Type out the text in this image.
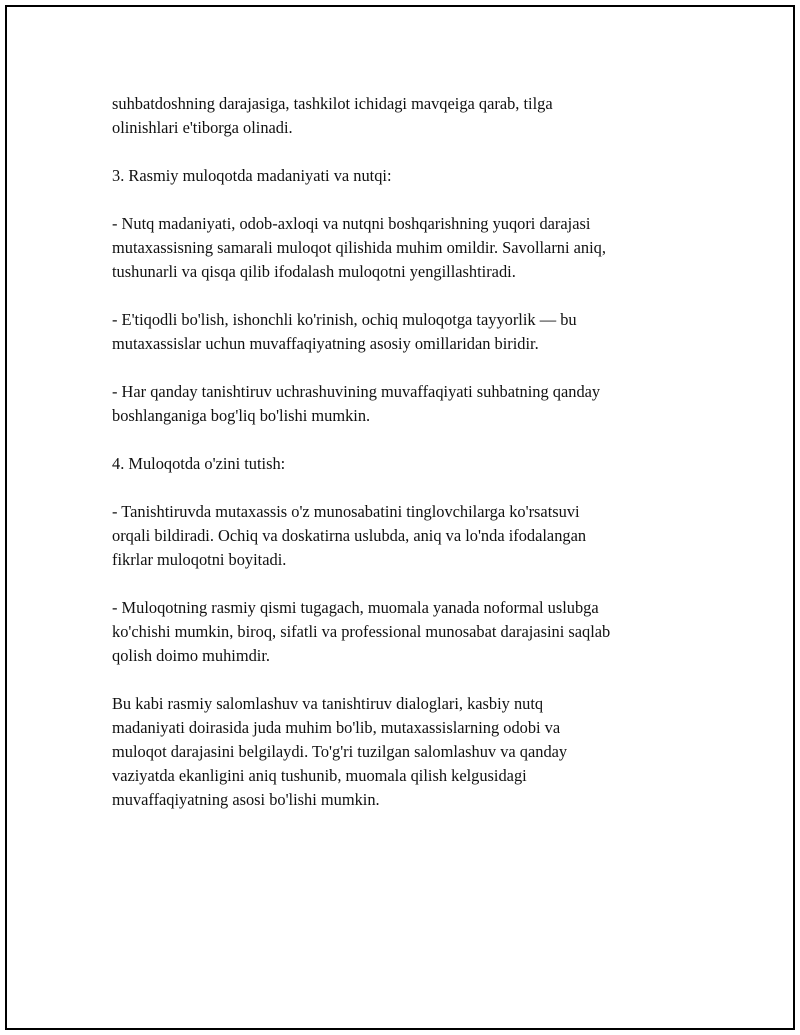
suhbatdoshning darajasiga, tashkilot ichidagi mavqeiga qarab, tilga
olinishlari e'tiborga olinadi.

3. Rasmiy muloqotda madaniyati va nutqi:

- Nutq madaniyati, odob-axloqi va nutqni boshqarishning yuqori darajasi
mutaxassisning samarali muloqot qilishida muhim omildir. Savollarni aniq,
tushunarli va qisqa qilib ifodalash muloqotni yengillashtiradi.

- E'tiqodli bo'lish, ishonchli ko'rinish, ochiq muloqotga tayyorlik — bu
mutaxassislar uchun muvaffaqiyatning asosiy omillaridan biridir.

- Har qanday tanishtiruv uchrashuvining muvaffaqiyati suhbatning qanday
boshlanganiga bog'liq bo'lishi mumkin.

4. Muloqotda o'zini tutish:

- Tanishtiruvda mutaxassis o'z munosabatini tinglovchilarga ko'rsatsuvi
orqali bildiradi. Ochiq va doskatirna uslubda, aniq va lo'nda ifodalangan
fikrlar muloqotni boyitadi.

- Muloqotning rasmiy qismi tugagach, muomala yanada noformal uslubga
ko'chishi mumkin, biroq, sifatli va professional munosabat darajasini saqlab
qolish doimo muhimdir.

Bu kabi rasmiy salomlashuv va tanishtiruv dialoglari, kasbiy nutq
madaniyati doirasida juda muhim bo'lib, mutaxassislarning odobi va
muloqot darajasini belgilaydi. To'g'ri tuzilgan salomlashuv va qanday
vaziyatda ekanligini aniq tushunib, muomala qilish kelgusidagi
muvaffaqiyatning asosi bo'lishi mumkin.
